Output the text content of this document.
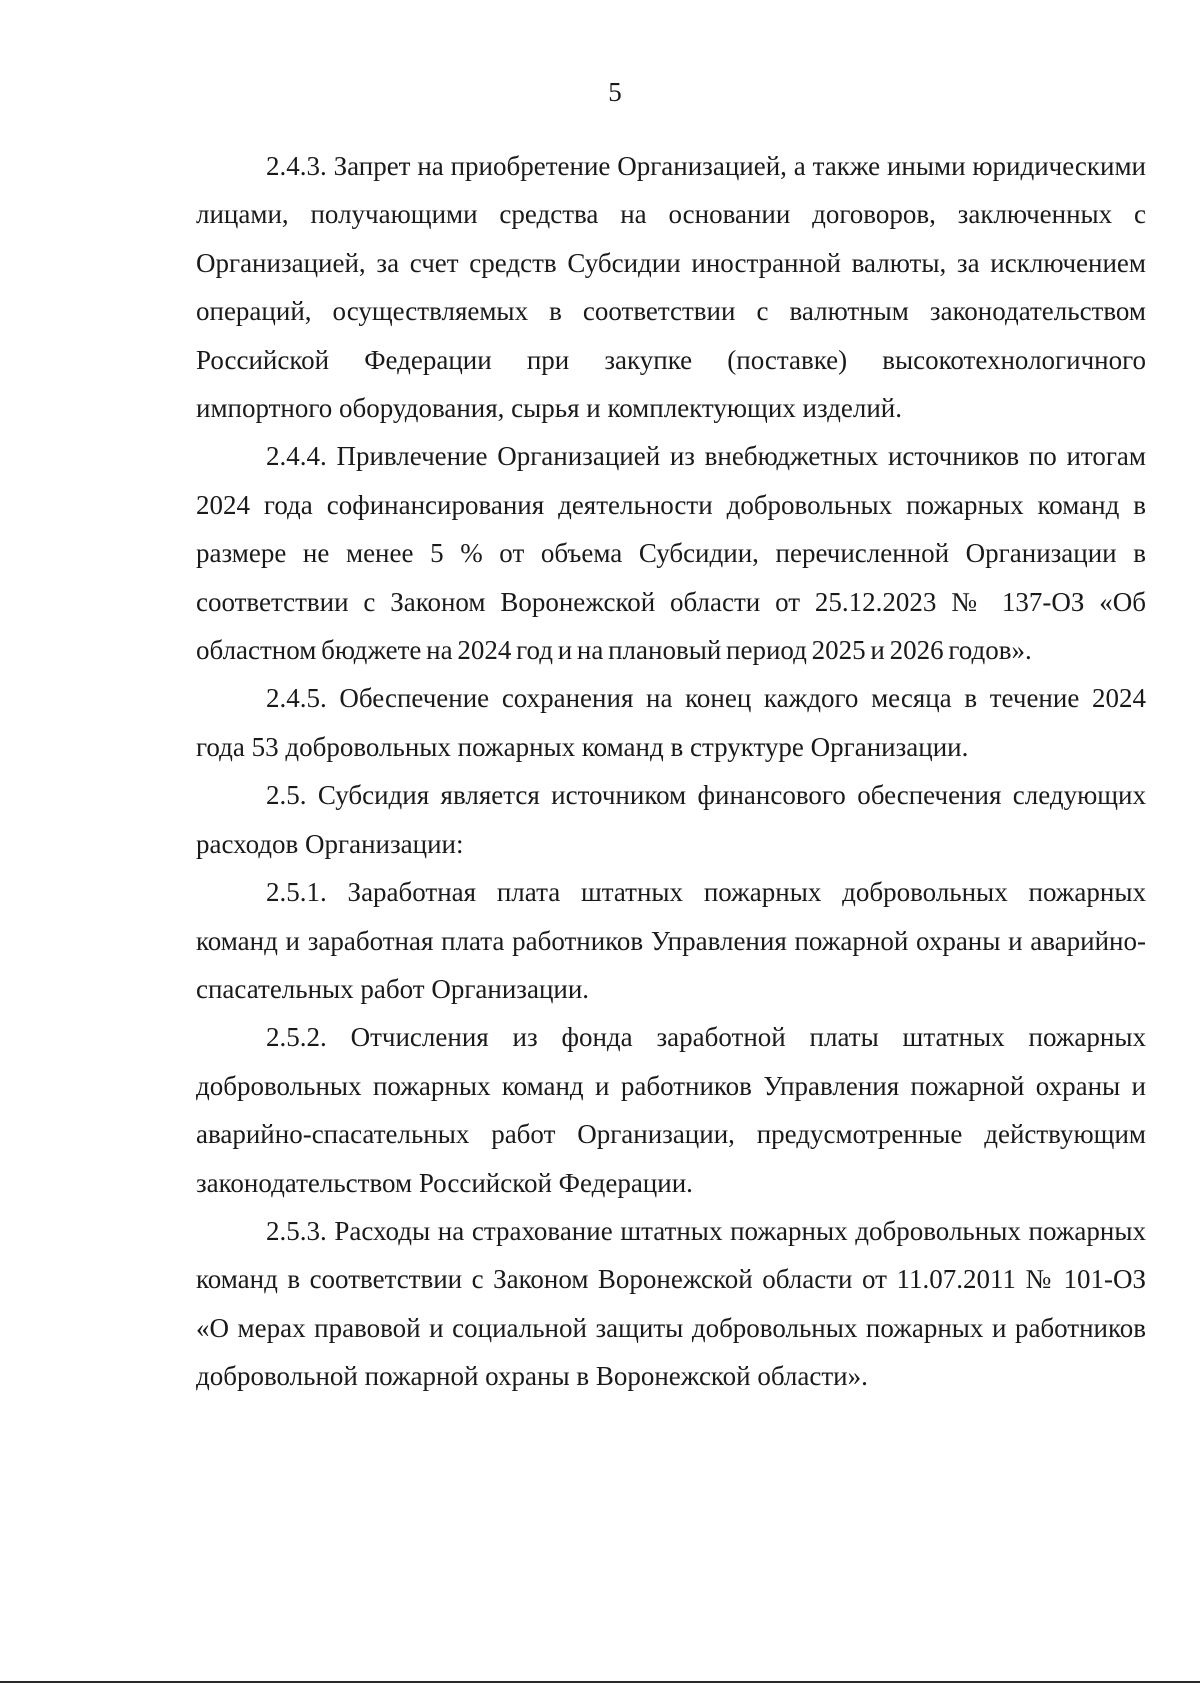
5

2.4.3. Запрет на приобретение Организацией, а также иными юридическими лицами, получающими средства на основании договоров, заключенных с Организацией, за счет средств Субсидии иностранной валюты, за исключением операций, осуществляемых в соответствии с валютным законодательством Российской Федерации при закупке (поставке) высокотехнологичного импортного оборудования, сырья и комплектующих изделий.

2.4.4. Привлечение Организацией из внебюджетных источников по итогам 2024 года софинансирования деятельности добровольных пожарных команд в размере не менее 5 % от объема Субсидии, перечисленной Организации в соответствии с Законом Воронежской области от 25.12.2023 № 137-ОЗ «Об областном бюджете на 2024 год и на плановый период 2025 и 2026 годов».

2.4.5. Обеспечение сохранения на конец каждого месяца в течение 2024 года 53 добровольных пожарных команд в структуре Организации.

2.5. Субсидия является источником финансового обеспечения следующих расходов Организации:

2.5.1. Заработная плата штатных пожарных добровольных пожарных команд и заработная плата работников Управления пожарной охраны и аварийно-спасательных работ Организации.

2.5.2. Отчисления из фонда заработной платы штатных пожарных добровольных пожарных команд и работников Управления пожарной охраны и аварийно-спасательных работ Организации, предусмотренные действующим законодательством Российской Федерации.

2.5.3. Расходы на страхование штатных пожарных добровольных пожарных команд в соответствии с Законом Воронежской области от 11.07.2011 № 101-ОЗ «О мерах правовой и социальной защиты добровольных пожарных и работников добровольной пожарной охраны в Воронежской области».
